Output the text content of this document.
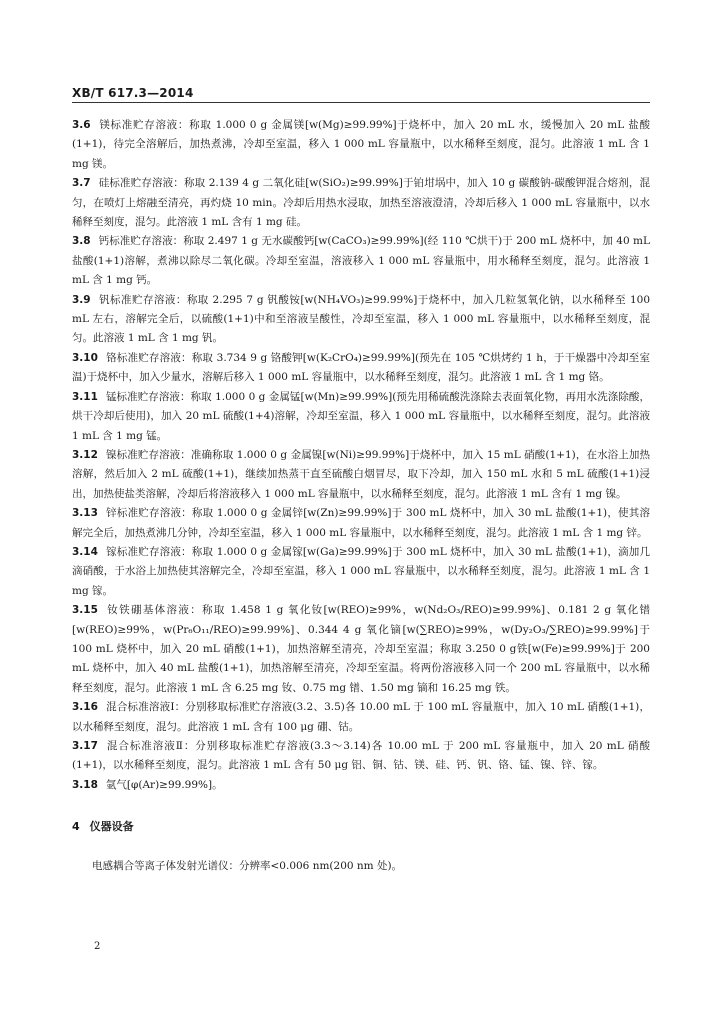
XB/T 617.3—2014

3.6 镁标准贮存溶液：称取 1.000 0 g 金属镁[w(Mg)≥99.99%]于烧杯中，加入 20 mL 水，缓慢加入 20 mL 盐酸(1+1)，待完全溶解后，加热煮沸，冷却至室温，移入 1 000 mL 容量瓶中，以水稀释至刻度，混匀。此溶液 1 mL 含 1 mg 镁。

3.7 硅标准贮存溶液：称取 2.139 4 g 二氧化硅[w(SiO₂)≥99.99%]于铂坩埚中，加入 10 g 碳酸钠-碳酸钾混合熔剂，混匀，在喷灯上熔融至清亮，再灼烧 10 min。冷却后用热水浸取，加热至溶液澄清，冷却后移入 1 000 mL 容量瓶中，以水稀释至刻度，混匀。此溶液 1 mL 含有 1 mg 硅。

3.8 钙标准贮存溶液：称取 2.497 1 g 无水碳酸钙[w(CaCO₃)≥99.99%](经 110 ℃烘干)于 200 mL 烧杯中，加 40 mL 盐酸(1+1)溶解，煮沸以除尽二氧化碳。冷却至室温，溶液移入 1 000 mL 容量瓶中，用水稀释至刻度，混匀。此溶液 1 mL 含 1 mg 钙。

3.9 钒标准贮存溶液：称取 2.295 7 g 钒酸铵[w(NH₄VO₃)≥99.99%]于烧杯中，加入几粒氢氧化钠，以水稀释至 100 mL 左右，溶解完全后，以硫酸(1+1)中和至溶液呈酸性，冷却至室温，移入 1 000 mL 容量瓶中，以水稀释至刻度，混匀。此溶液 1 mL 含 1 mg 钒。

3.10 铬标准贮存溶液：称取 3.734 9 g 铬酸钾[w(K₂CrO₄)≥99.99%](预先在 105 ℃烘烤约 1 h，于干燥器中冷却至室温)于烧杯中，加入少量水，溶解后移入 1 000 mL 容量瓶中，以水稀释至刻度，混匀。此溶液 1 mL 含 1 mg 铬。

3.11 锰标准贮存溶液：称取 1.000 0 g 金属锰[w(Mn)≥99.99%](预先用稀硫酸洗涤除去表面氧化物，再用水洗涤除酸，烘干冷却后使用)，加入 20 mL 硫酸(1+4)溶解，冷却至室温，移入 1 000 mL 容量瓶中，以水稀释至刻度，混匀。此溶液 1 mL 含 1 mg 锰。

3.12 镍标准贮存溶液：准确称取 1.000 0 g 金属镍[w(Ni)≥99.99%]于烧杯中，加入 15 mL 硝酸(1+1)，在水浴上加热溶解，然后加入 2 mL 硫酸(1+1)，继续加热蒸干直至硫酸白烟冒尽，取下冷却，加入 150 mL 水和 5 mL 硫酸(1+1)浸出，加热使盐类溶解，冷却后将溶液移入 1 000 mL 容量瓶中，以水稀释至刻度，混匀。此溶液 1 mL 含有 1 mg 镍。

3.13 锌标准贮存溶液：称取 1.000 0 g 金属锌[w(Zn)≥99.99%]于 300 mL 烧杯中，加入 30 mL 盐酸(1+1)，使其溶解完全后，加热煮沸几分钟，冷却至室温，移入 1 000 mL 容量瓶中，以水稀释至刻度，混匀。此溶液 1 mL 含 1 mg 锌。

3.14 镓标准贮存溶液：称取 1.000 0 g 金属镓[w(Ga)≥99.99%]于 300 mL 烧杯中，加入 30 mL 盐酸(1+1)，滴加几滴硝酸，于水浴上加热使其溶解完全，冷却至室温，移入 1 000 mL 容量瓶中，以水稀释至刻度，混匀。此溶液 1 mL 含 1 mg 镓。

3.15 钕铁硼基体溶液：称取 1.458 1 g 氧化钕[w(REO)≥99%，w(Nd₂O₃/REO)≥99.99%]、0.181 2 g 氧化镨[w(REO)≥99%，w(Pr₆O₁₁/REO)≥99.99%]、0.344 4 g 氧化镝[w(∑REO)≥99%，w(Dy₂O₃/∑REO)≥99.99%]于 100 mL 烧杯中，加入 20 mL 硝酸(1+1)，加热溶解至清亮，冷却至室温；称取 3.250 0 g铁[w(Fe)≥99.99%]于 200 mL 烧杯中，加入 40 mL 盐酸(1+1)，加热溶解至清亮，冷却至室温。将两份溶液移入同一个 200 mL 容量瓶中，以水稀释至刻度，混匀。此溶液 1 mL 含 6.25 mg 钕、0.75 mg 镨、1.50 mg 镝和 16.25 mg 铁。

3.16 混合标准溶液Ⅰ：分别移取标准贮存溶液(3.2、3.5)各 10.00 mL 于 100 mL 容量瓶中，加入 10 mL 硝酸(1+1)，以水稀释至刻度，混匀。此溶液 1 mL 含有 100 μg 硼、钴。

3.17 混合标准溶液Ⅱ：分别移取标准贮存溶液(3.3～3.14)各 10.00 mL 于 200 mL 容量瓶中，加入 20 mL 硝酸(1+1)，以水稀释至刻度，混匀。此溶液 1 mL 含有 50 μg 铝、铜、钴、镁、硅、钙、钒、铬、锰、镍、锌、镓。

3.18 氩气[φ(Ar)≥99.99%]。

4 仪器设备

电感耦合等离子体发射光谱仪：分辨率<0.006 nm(200 nm 处)。

2
